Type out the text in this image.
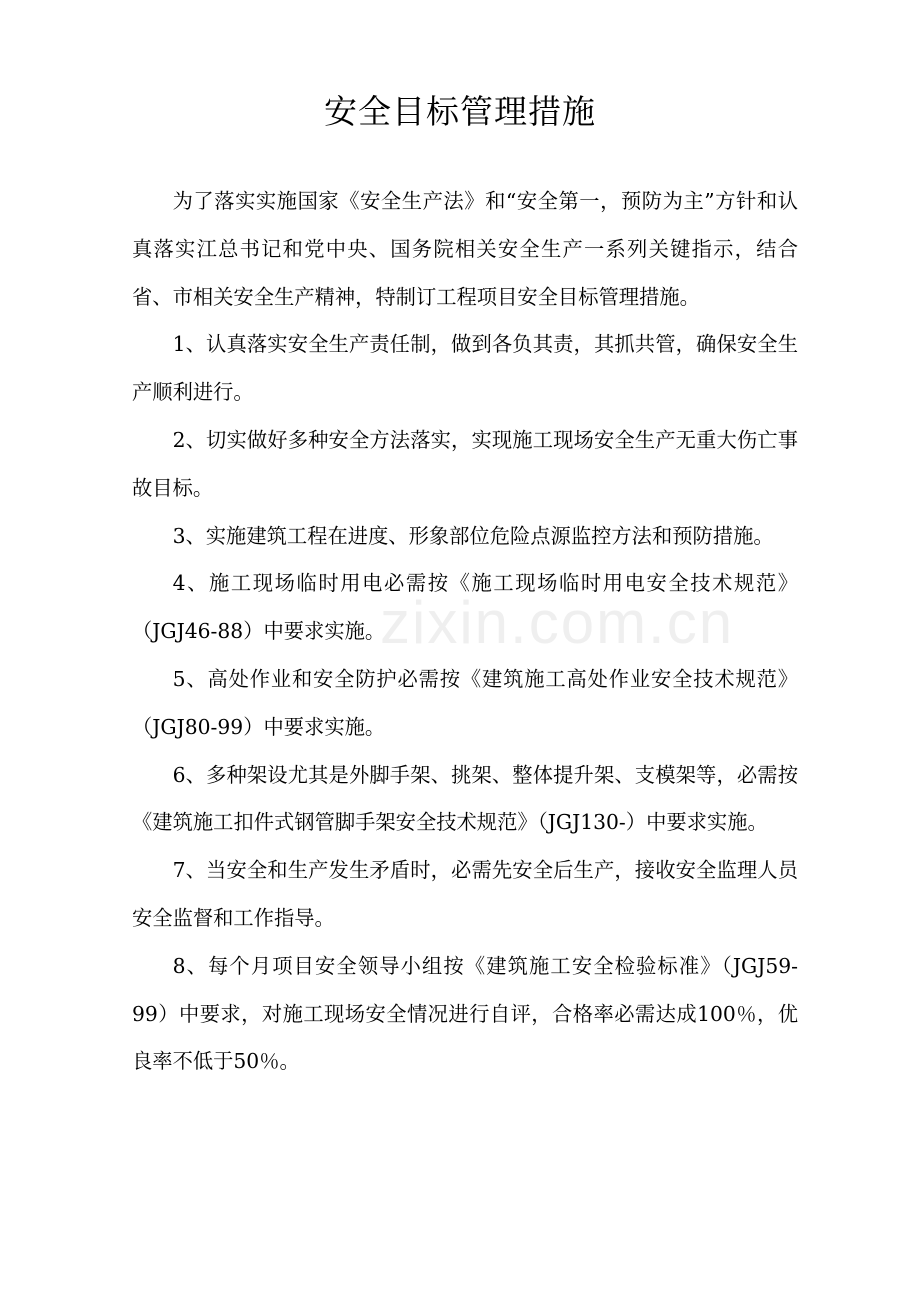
zixin.com.cn
安全目标管理措施

为了落实实施国家《安全生产法》和“安全第一，预防为主”方针和认真落实江总书记和党中央、国务院相关安全生产一系列关键指示，结合省、市相关安全生产精神，特制订工程项目安全目标管理措施。

1、认真落实安全生产责任制，做到各负其责，其抓共管，确保安全生产顺利进行。

2、切实做好多种安全方法落实，实现施工现场安全生产无重大伤亡事故目标。

3、实施建筑工程在进度、形象部位危险点源监控方法和预防措施。

4、施工现场临时用电必需按《施工现场临时用电安全技术规范》（JGJ46-88）中要求实施。

5、高处作业和安全防护必需按《建筑施工高处作业安全技术规范》（JGJ80-99）中要求实施。

6、多种架设尤其是外脚手架、挑架、整体提升架、支模架等，必需按《建筑施工扣件式钢管脚手架安全技术规范》（JGJ130-）中要求实施。

7、当安全和生产发生矛盾时，必需先安全后生产，接收安全监理人员安全监督和工作指导。

8、每个月项目安全领导小组按《建筑施工安全检验标准》（JGJ59-99）中要求，对施工现场安全情况进行自评，合格率必需达成100％，优良率不低于50％。
